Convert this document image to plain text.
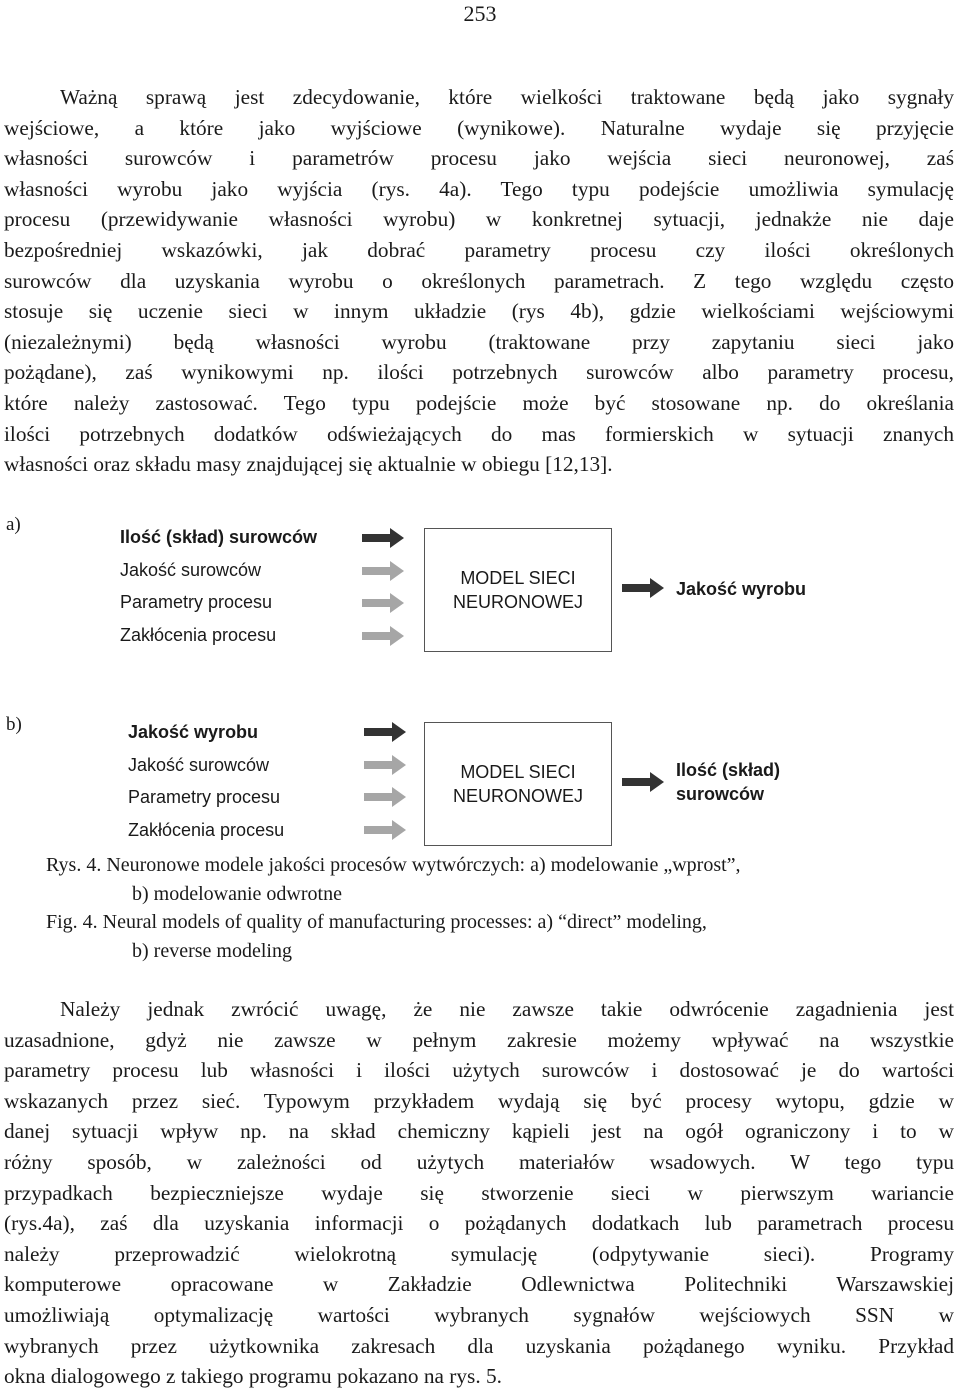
253
Ważną sprawą jest zdecydowanie, które wielkości traktowane będą jako sygnały
wejściowe, a które jako wyjściowe (wynikowe). Naturalne wydaje się przyjęcie
własności surowców i parametrów procesu jako wejścia sieci neuronowej, zaś
własności wyrobu jako wyjścia (rys. 4a). Tego typu podejście umożliwia symulację
procesu (przewidywanie własności wyrobu) w konkretnej sytuacji, jednakże nie daje
bezpośredniej wskazówki, jak dobrać parametry procesu czy ilości określonych
surowców dla uzyskania wyrobu o określonych parametrach. Z tego względu często
stosuje się uczenie sieci w innym układzie (rys 4b), gdzie wielkościami wejściowymi
(niezależnymi) będą własności wyrobu (traktowane przy zapytaniu sieci jako
pożądane), zaś wynikowymi np. ilości potrzebnych surowców albo parametry procesu,
które należy zastosować. Tego typu podejście może być stosowane np. do określania
ilości potrzebnych dodatków odświeżających do mas formierskich w sytuacji znanych
własności oraz składu masy znajdującej się aktualnie w obiegu [12,13].
a)
Ilość (skład) surowców
Jakość surowców
Parametry procesu
Zakłócenia procesu
MODEL SIECI
NEURONOWEJ
Jakość wyrobu
b)	Jakość wyrobu
Jakość surowców
Parametry procesu
Zakłócenia procesu
MODEL SIECI
NEURONOWEJ
Ilość (skład)
surowców
Rys. 4. Neuronowe modele jakości procesów wytwórczych: a) modelowanie „wprost”,
b) modelowanie odwrotne
Fig. 4. Neural models of quality of manufacturing processes: a) “direct” modeling,
b) reverse modeling
Należy jednak zwrócić uwagę, że nie zawsze takie odwrócenie zagadnienia jest
uzasadnione, gdyż nie zawsze w pełnym zakresie możemy wpływać na wszystkie
parametry procesu lub własności i ilości użytych surowców i dostosować je do wartości
wskazanych przez sieć. Typowym przykładem wydają się być procesy wytopu, gdzie w
danej sytuacji wpływ np. na skład chemiczny kąpieli jest na ogół ograniczony i to w
różny sposób, w zależności od użytych materiałów wsadowych. W tego typu
przypadkach bezpieczniejsze wydaje się stworzenie sieci w pierwszym wariancie
(rys.4a), zaś dla uzyskania informacji o pożądanych dodatkach lub parametrach procesu
należy przeprowadzić wielokrotną symulację (odpytywanie sieci). Programy
komputerowe opracowane w Zakładzie Odlewnictwa Politechniki Warszawskiej
umożliwiają optymalizację wartości wybranych sygnałów wejściowych SSN w
wybranych przez użytkownika zakresach dla uzyskania pożądanego wyniku. Przykład
okna dialogowego z takiego programu pokazano na rys. 5.
